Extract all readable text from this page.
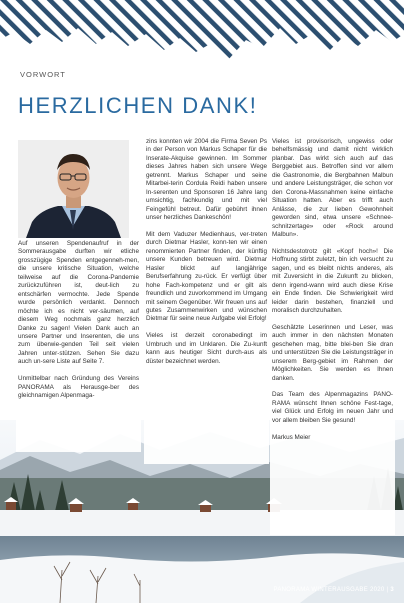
VORWORT
HERZLICHEN DANK!

Auf unseren Spendenaufruf in der Sommerausgabe durften wir etliche grosszügige Spenden entgegenneh-men, die unsere kritische Situation, welche teilweise auf die Corona-Pandemie zurückzuführen ist, deut-lich zu entschärfen vermochte. Jede Spende wurde persönlich verdankt. Dennoch möchte ich es nicht ver-säumen, auf diesem Weg nochmals ganz herzlich Danke zu sagen! Vielen Dank auch an unsere Partner und Inserenten, die uns zum überwie-genden Teil seit vielen Jahren unter-stützen. Sehen Sie dazu auch un-sere Liste auf Seite 7.

Unmittelbar nach Gründung des Vereins PANORAMA als Herausge-ber des gleichnamigen Alpenmaga-

zins konnten wir 2004 die Firma Seven Ps in der Person von Markus Schaper für die Inserate-Akquise gewinnen. Im Sommer dieses Jahres haben sich unsere Wege getrennt. Markus Schaper und seine Mitarbei-terin Cordula Reidi haben unsere In-serenten und Sponsoren 16 Jahre lang umsichtig, fachkundig und mit viel Feingefühl betreut. Dafür gebührt ihnen unser herzliches Dankeschön!

Mit dem Vaduzer Medienhaus, ver-treten durch Dietmar Hasler, konn-ten wir einen renommierten Partner finden, der künftig unsere Kunden betreuen wird. Dietmar Hasler blickt auf langjährige Berufserfahrung zu-rück. Er verfügt über hohe Fach-kompetenz und er gilt als freundlich und zuvorkommend im Umgang mit seinem Gegenüber. Wir freuen uns auf gutes Zusammenwirken und wünschen Dietmar für seine neue Aufgabe viel Erfolg!

Vieles ist derzeit coronabedingt im Umbruch und im Unklaren. Die Zu-kunft kann aus heutiger Sicht durch-aus als düster bezeichnet werden.

Vieles ist provisorisch, ungewiss oder behelfsmässig und damit nicht wirklich planbar. Das wirkt sich auch auf das Berggebiet aus. Betroffen sind vor allem die Gastronomie, die Bergbahnen Malbun und andere Leistungsträger, die schon vor den Corona-Massnahmen keine einfache Situation hatten. Aber es trifft auch Anlässe, die zur lieben Gewohnheit geworden sind, etwa unsere «Schnee-schnitzertage» oder «Rock around Malbun».

Nichtsdestotrotz gilt «Kopf hoch»! Die Hoffnung stirbt zuletzt, bin ich versucht zu sagen, und es bleibt nichts anderes, als mit Zuversicht in die Zukunft zu blicken, denn irgend-wann wird auch diese Krise ein Ende finden. Die Schwierigkeit wird leider darin bestehen, finanziell und moralisch durchzuhalten.

Geschätzte Leserinnen und Leser, was auch immer in den nächsten Monaten geschehen mag, bitte blei-ben Sie dran und unterstützen Sie die Leistungsträger in unserem Berg-gebiet im Rahmen der Möglichkeiten. Sie werden es Ihnen danken.

Das Team des Alpenmagazins PANO-RAMA wünscht Ihnen schöne Fest-tage, viel Glück und Erfolg im neuen Jahr und vor allem bleiben Sie gesund!

Markus Meier

PANORAMA WINTERAUSGABE 2020 | 3
